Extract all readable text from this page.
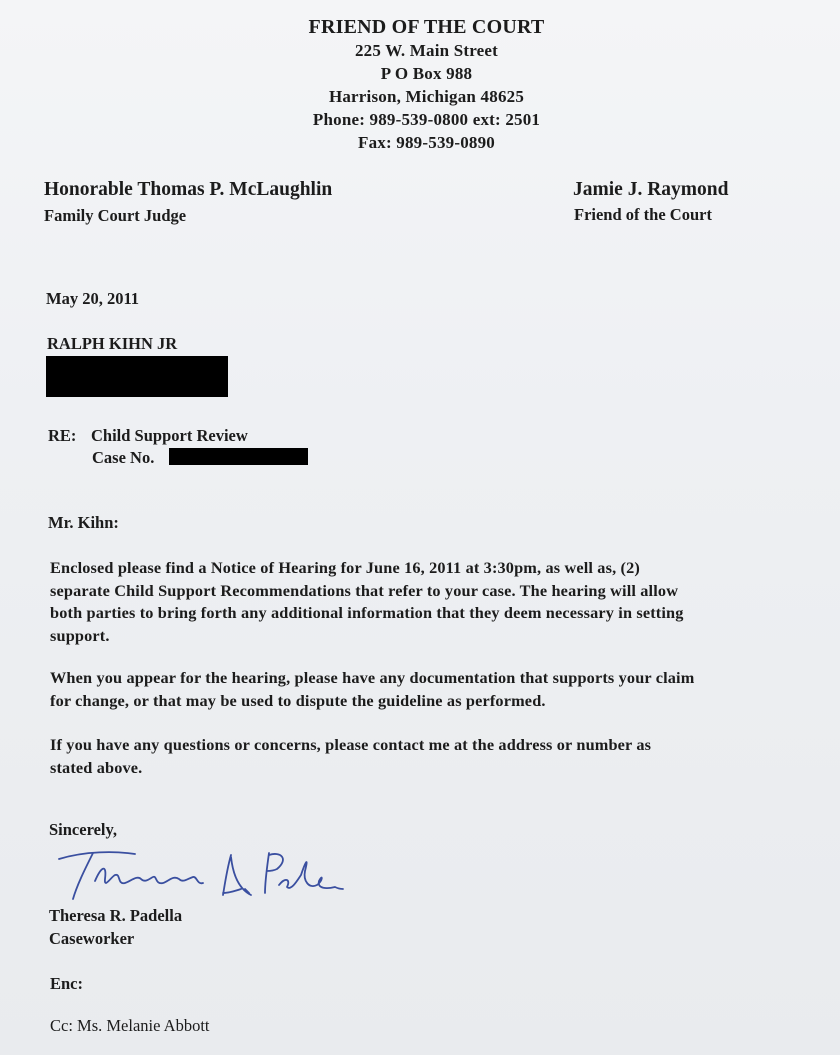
FRIEND OF THE COURT
225 W. Main Street
P O Box 988
Harrison, Michigan 48625
Phone: 989-539-0800 ext: 2501
Fax: 989-539-0890
Honorable Thomas P. McLaughlin
Family Court Judge
Jamie J. Raymond
Friend of the Court
May 20, 2011
RALPH KIHN JR
RE: Child Support Review
Case No.
Mr. Kihn:
Enclosed please find a Notice of Hearing for June 16, 2011 at 3:30pm, as well as, (2)
separate Child Support Recommendations that refer to your case. The hearing will allow
both parties to bring forth any additional information that they deem necessary in setting
support.
When you appear for the hearing, please have any documentation that supports your claim
for change, or that may be used to dispute the guideline as performed.
If you have any questions or concerns, please contact me at the address or number as
stated above.
Sincerely,
Theresa R. Padella
Caseworker
Enc:
Cc: Ms. Melanie Abbott
